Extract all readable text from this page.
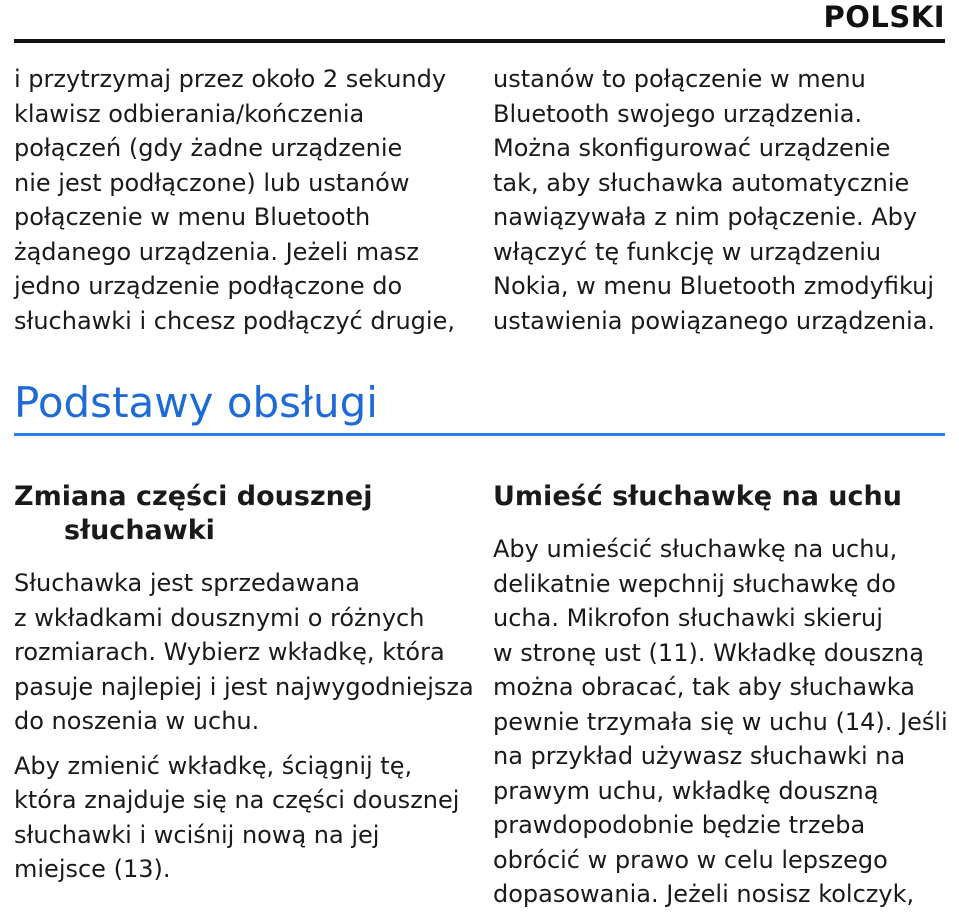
POLSKI

i przytrzymaj przez około 2 sekundy

klawisz odbierania/kończenia

połączeń (gdy żadne urządzenie

nie jest podłączone) lub ustanów

połączenie w menu Bluetooth

żądanego urządzenia. Jeżeli masz

jedno urządzenie podłączone do

słuchawki i chcesz podłączyć drugie,

ustanów to połączenie w menu

Bluetooth swojego urządzenia.

Można skonfigurować urządzenie

tak, aby słuchawka automatycznie

nawiązywała z nim połączenie. Aby

włączyć tę funkcję w urządzeniu

Nokia, w menu Bluetooth zmodyfikuj

ustawienia powiązanego urządzenia.

Podstawy obsługi
Zmiana części dousznej
słuchawki

Słuchawka jest sprzedawana

z wkładkami dousznymi o różnych

rozmiarach. Wybierz wkładkę, która

pasuje najlepiej i jest najwygodniejsza

do noszenia w uchu.

Aby zmienić wkładkę, ściągnij tę,

która znajduje się na części dousznej

słuchawki i wciśnij nową na jej

miejsce (13).

Umieść słuchawkę na uchu

Aby umieścić słuchawkę na uchu,

delikatnie wepchnij słuchawkę do

ucha. Mikrofon słuchawki skieruj

w stronę ust (11). Wkładkę douszną

można obracać, tak aby słuchawka

pewnie trzymała się w uchu (14). Jeśli

na przykład używasz słuchawki na

prawym uchu, wkładkę douszną

prawdopodobnie będzie trzeba

obrócić w prawo w celu lepszego

dopasowania. Jeżeli nosisz kolczyk,
